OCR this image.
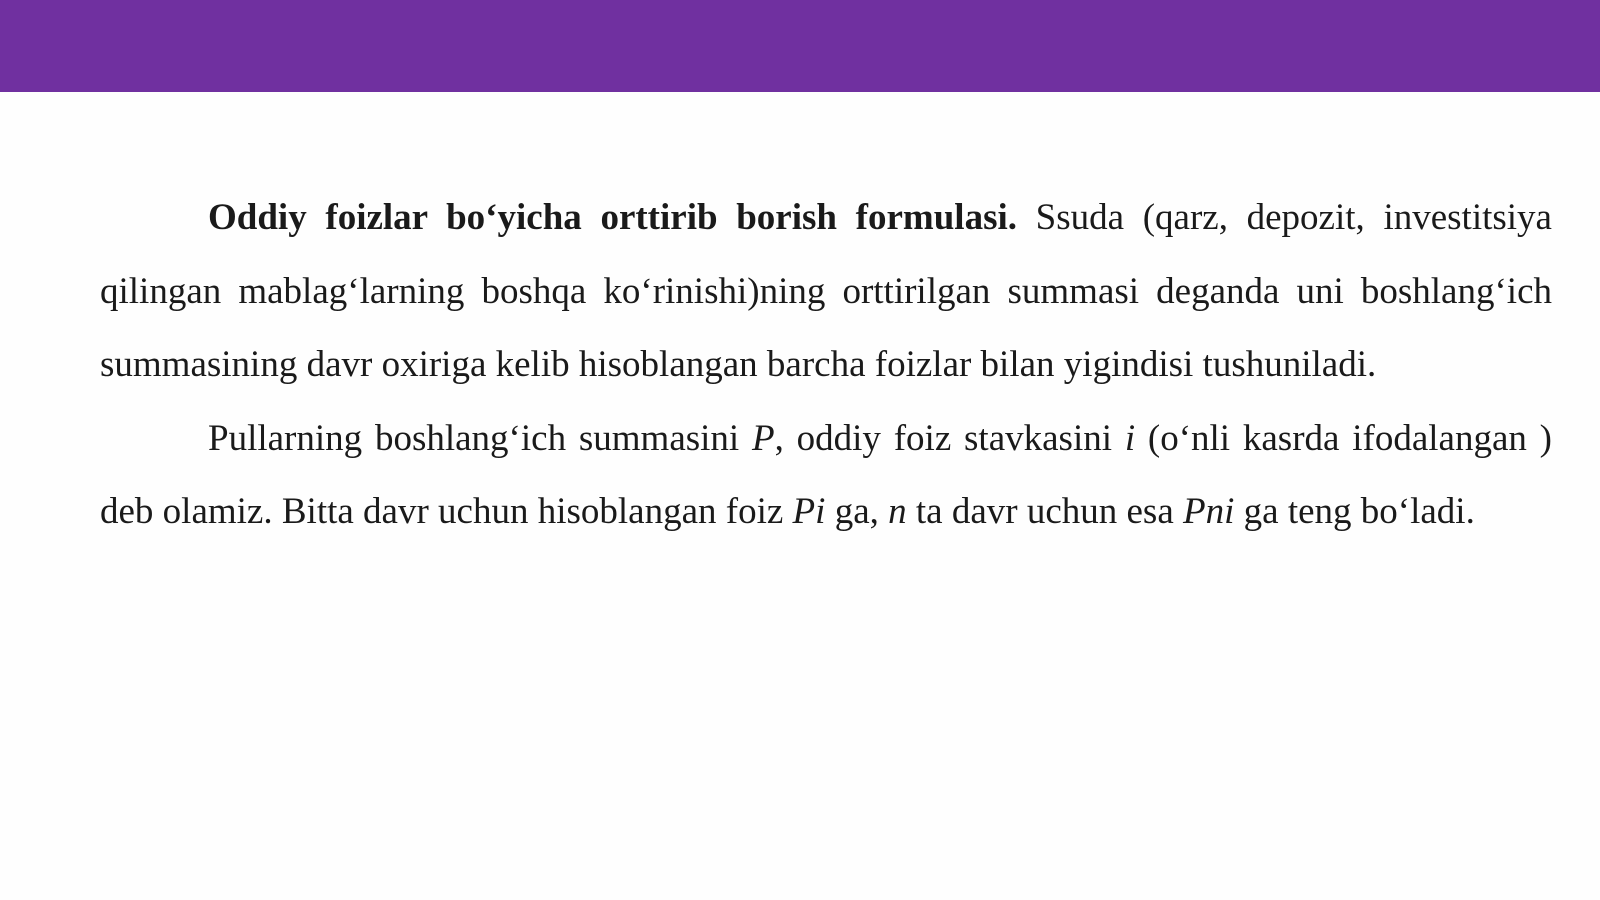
Oddiy foizlar bo‘yicha orttirib borish formulasi. Ssuda (qarz, depozit, investitsiya qilingan mablag‘larning boshqa ko‘rinishi)ning orttirilgan summasi deganda uni boshlang‘ich summasining davr oxiriga kelib hisoblangan barcha foizlar bilan yigindisi tushuniladi.

Pullarning boshlang‘ich summasini P, oddiy foiz stavkasini i (o‘nli kasrda ifodalangan ) deb olamiz. Bitta davr uchun hisoblangan foiz Pi ga, n ta davr uchun esa Pni ga teng bo‘ladi.
